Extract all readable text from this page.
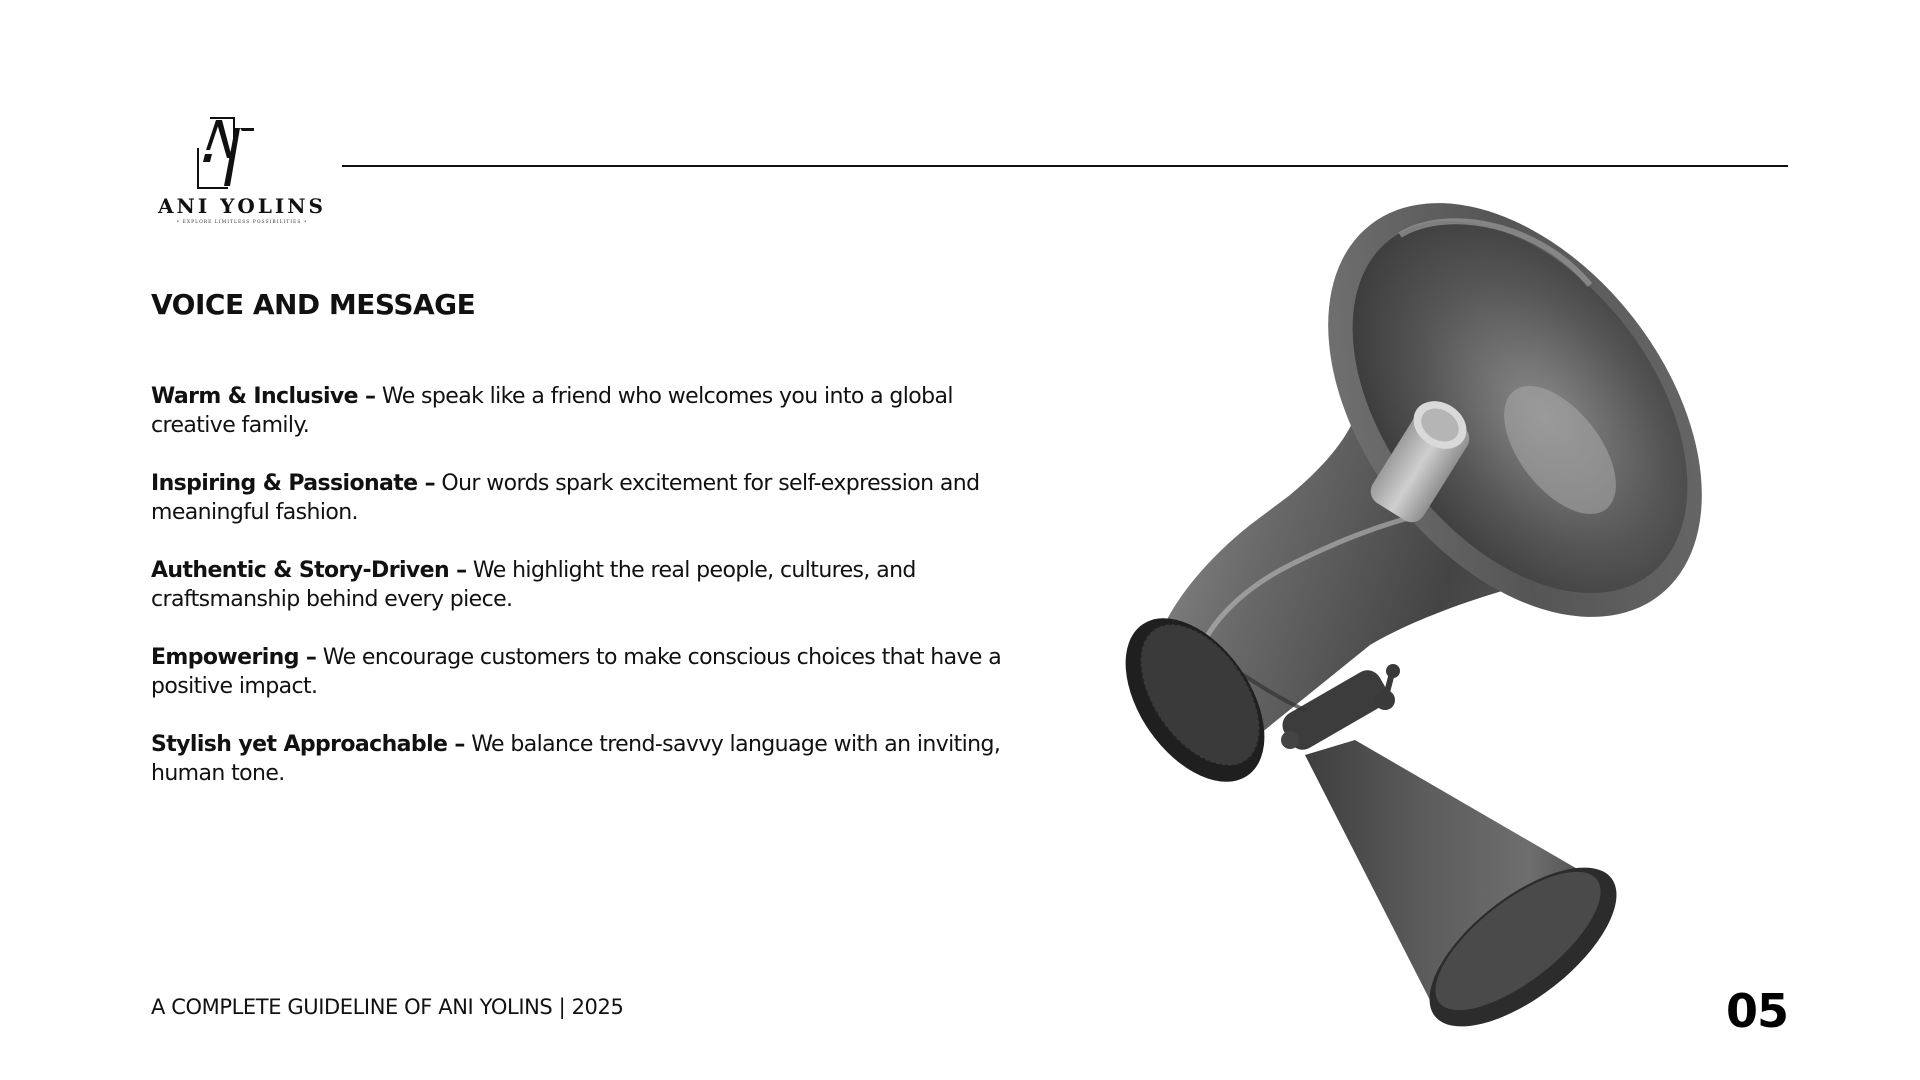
ANI YOLINS
• EXPLORE LIMITLESS POSSIBILITIES •
VOICE AND MESSAGE
Warm & Inclusive – We speak like a friend who welcomes you into a global creative family.
Inspiring & Passionate – Our words spark excitement for self-expression and meaningful fashion.
Authentic & Story-Driven – We highlight the real people, cultures, and craftsmanship behind every piece.
Empowering – We encourage customers to make conscious choices that have a positive impact.
Stylish yet Approachable – We balance trend-savvy language with an inviting, human tone.
A COMPLETE GUIDELINE OF ANI YOLINS | 2025	05
